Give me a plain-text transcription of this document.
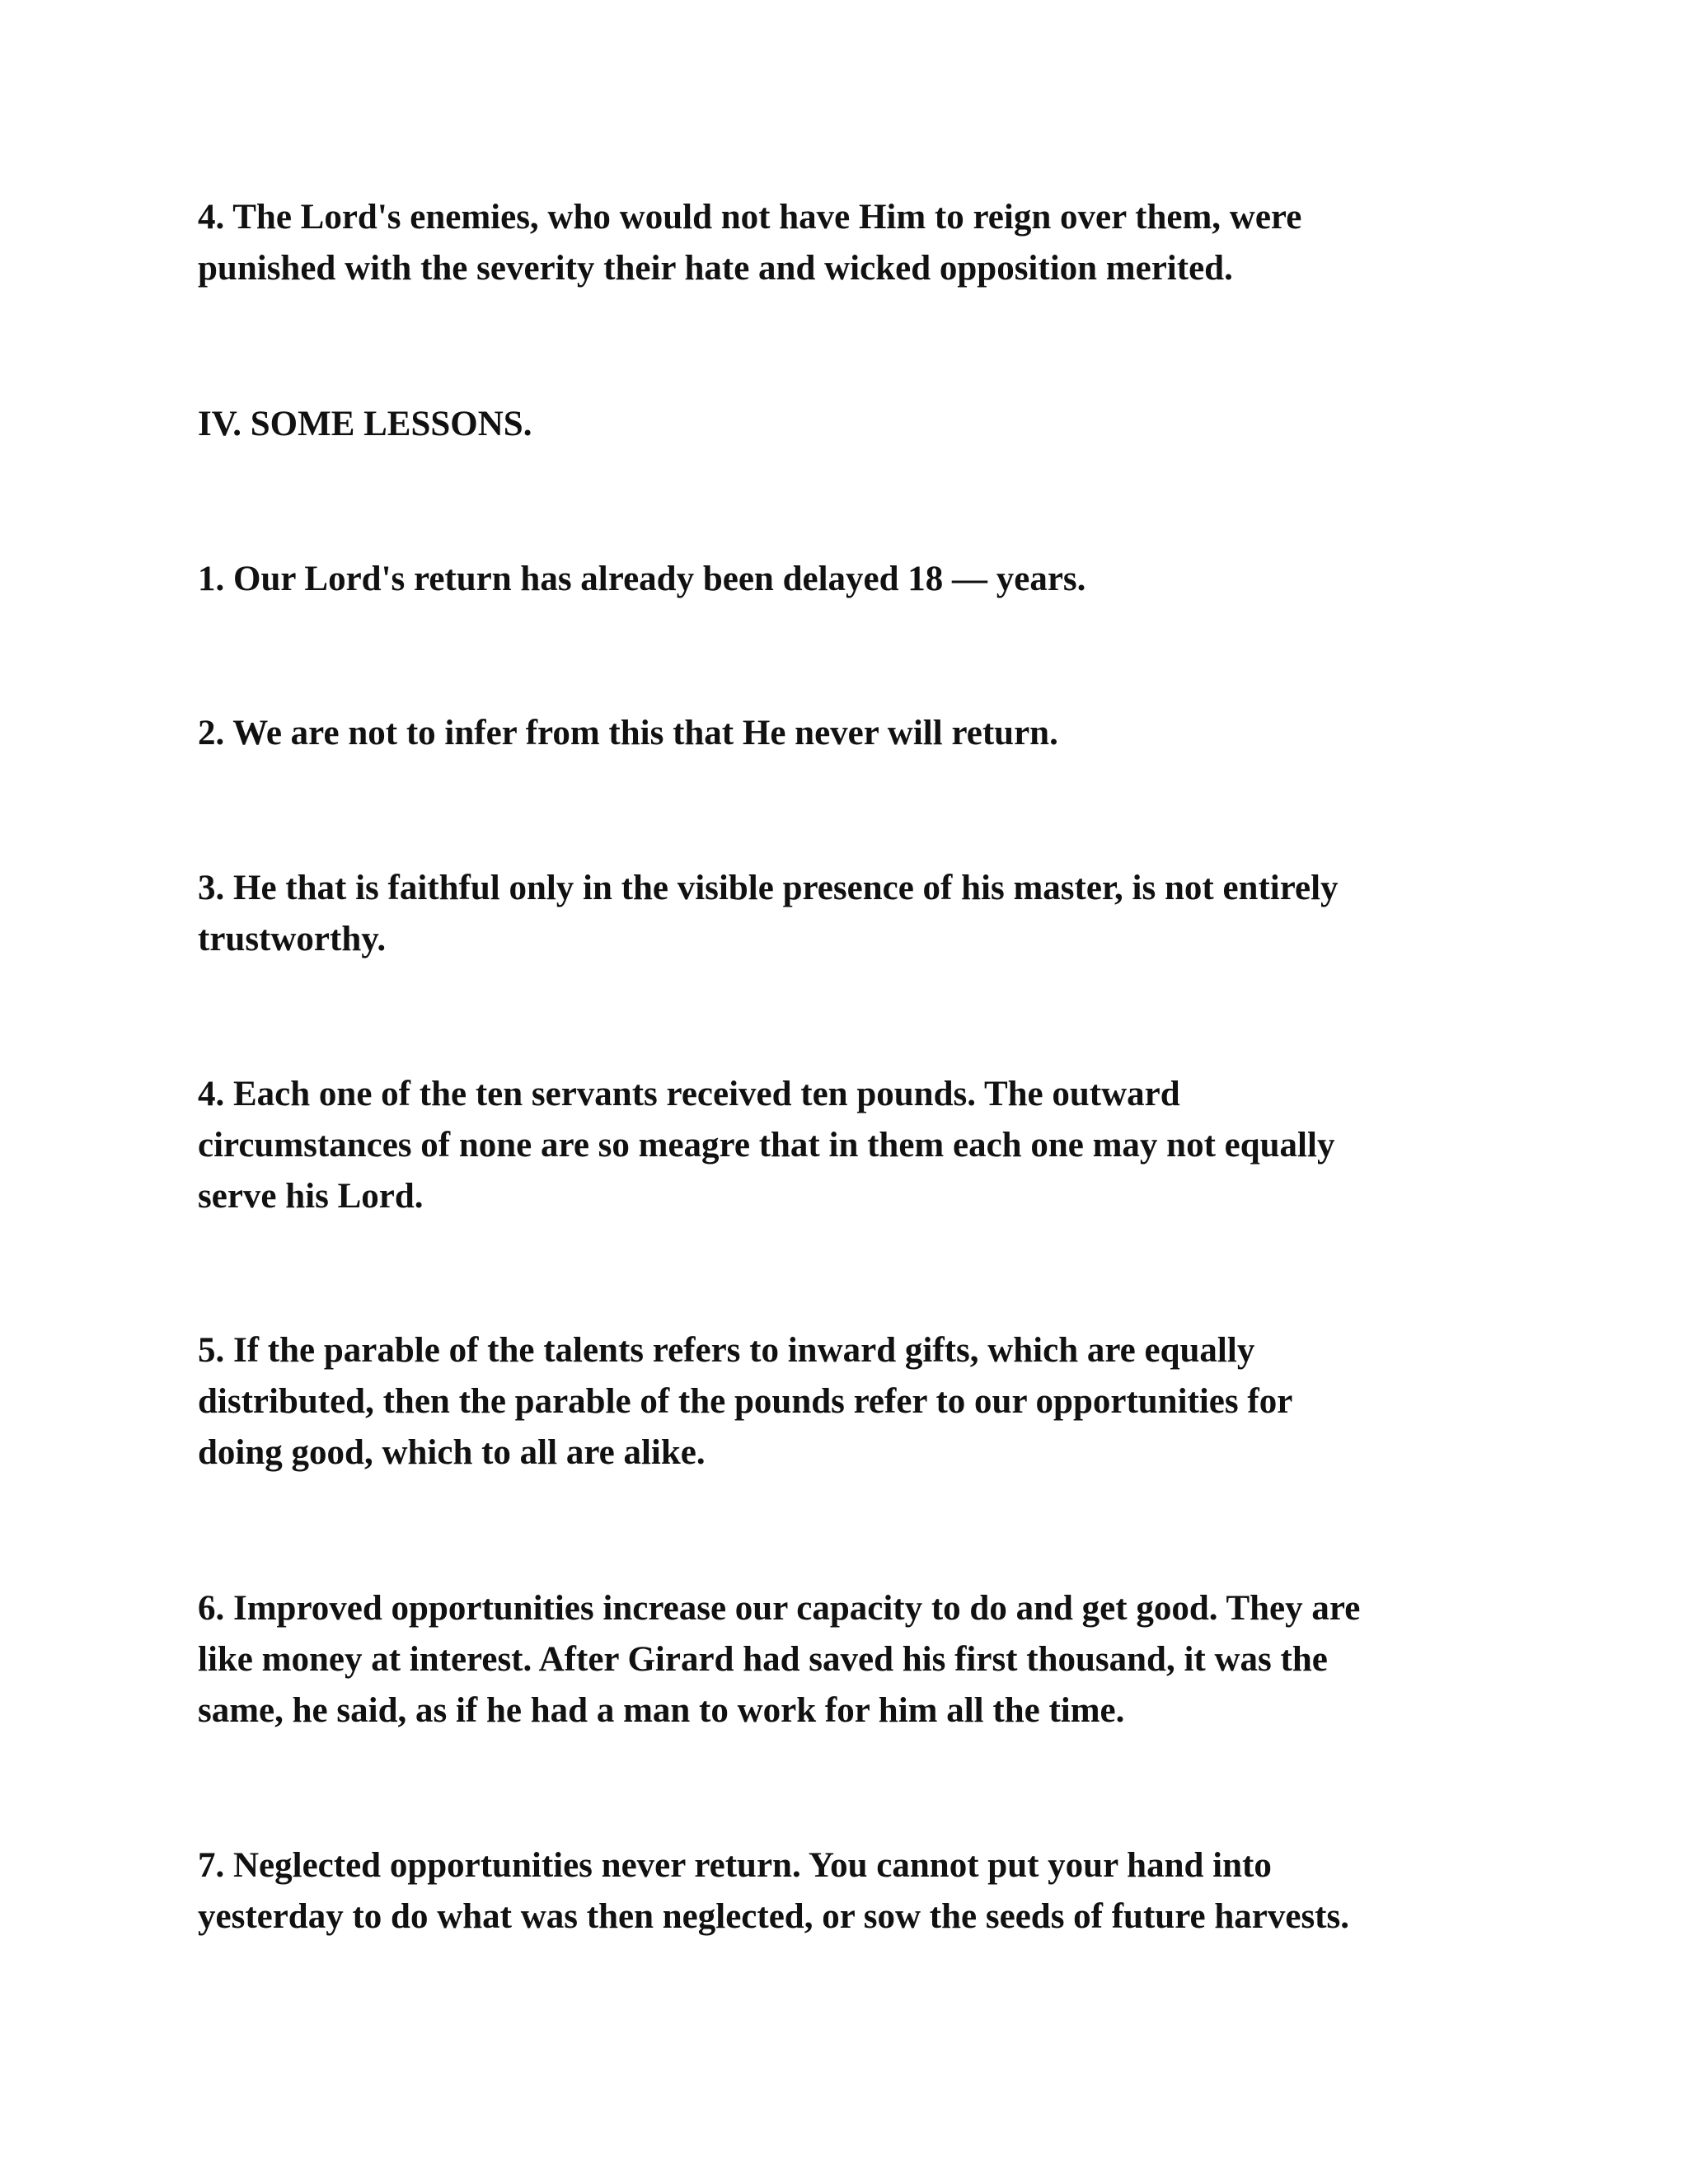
4. The Lord's enemies, who would not have Him to reign over them, were
punished with the severity their hate and wicked opposition merited.

IV. SOME LESSONS.

1. Our Lord's return has already been delayed 18 — years.

2. We are not to infer from this that He never will return.

3. He that is faithful only in the visible presence of his master, is not entirely
trustworthy.

4. Each one of the ten servants received ten pounds. The outward
circumstances of none are so meagre that in them each one may not equally
serve his Lord.

5. If the parable of the talents refers to inward gifts, which are equally
distributed, then the parable of the pounds refer to our opportunities for
doing good, which to all are alike.

6. Improved opportunities increase our capacity to do and get good. They are
like money at interest. After Girard had saved his first thousand, it was the
same, he said, as if he had a man to work for him all the time.

7. Neglected opportunities never return. You cannot put your hand into
yesterday to do what was then neglected, or sow the seeds of future harvests.
